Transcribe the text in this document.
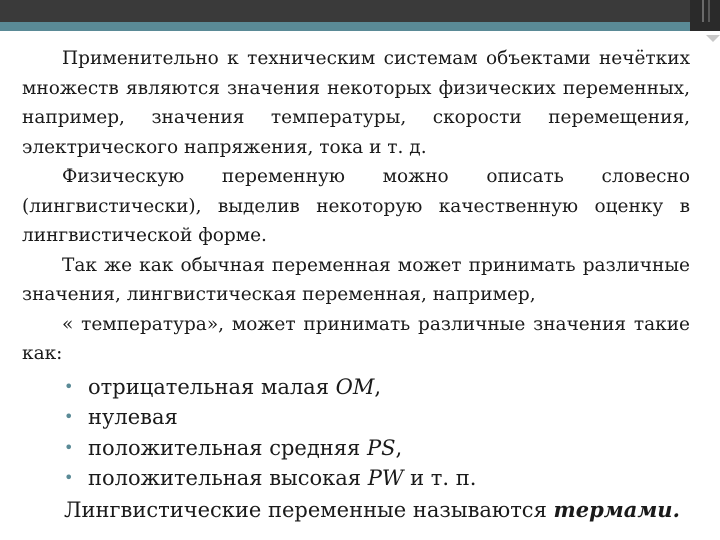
Применительно к техническим системам объектами нечётких множеств являются значения некоторых физических переменных, например, значения температуры, скорости перемещения, электрического напряжения, тока и т. д.

Физическую переменную можно описать словесно (лингвистически), выделив некоторую качественную оценку в лингвистической форме.

Так же как обычная переменная может принимать различные значения, лингвистическая переменная, например,

« температура», может принимать различные значения такие как:

• отрицательная малая OM,
• нулевая
• положительная средняя PS,
• положительная высокая PW и т. п.

Лингвистические переменные называются термами.
